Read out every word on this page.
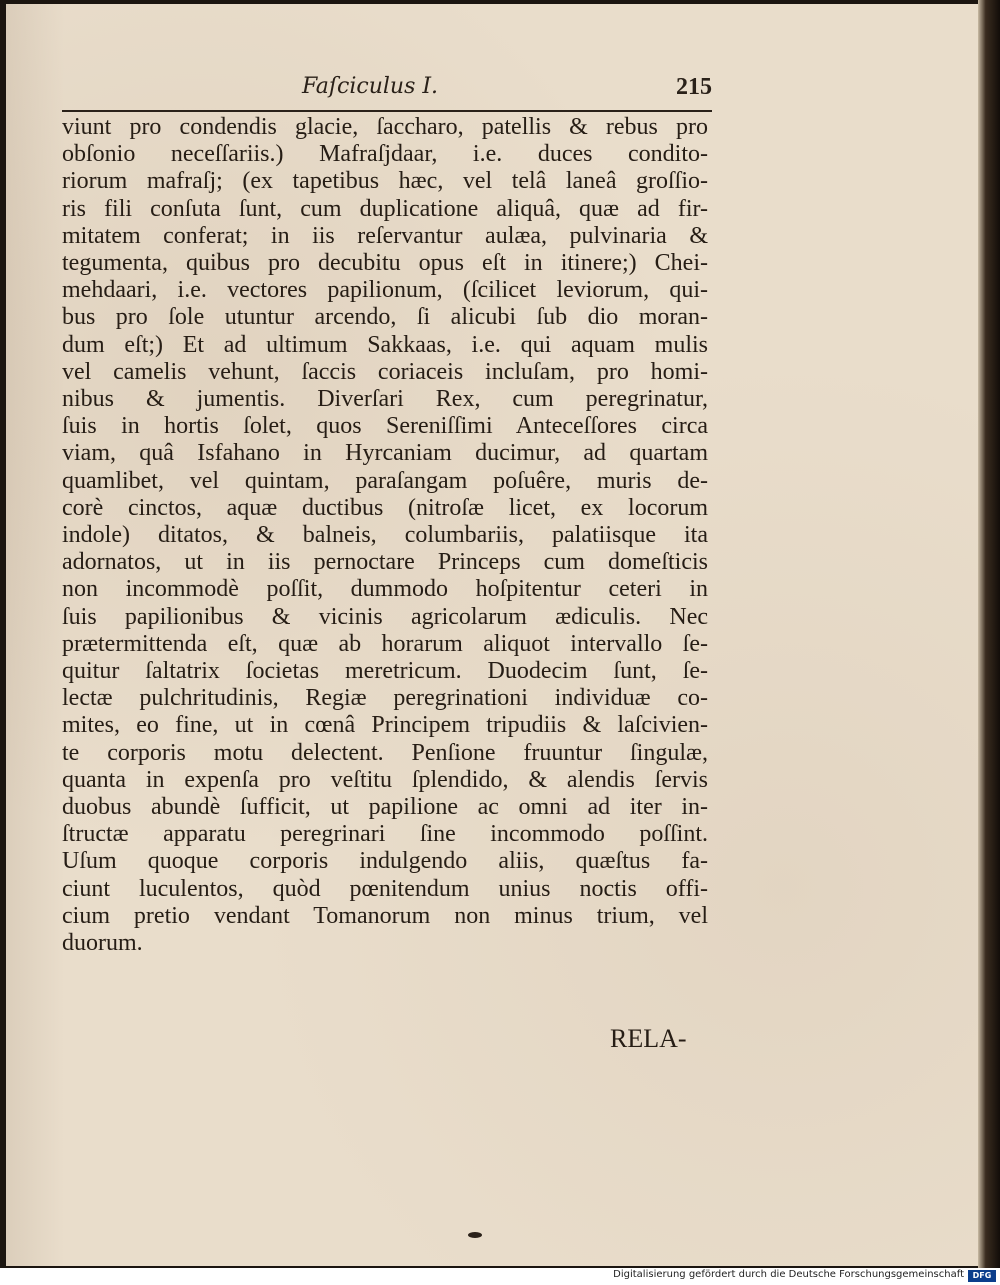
Faſciculus I.	215
viunt pro condendis glacie, ſaccharo, patellis & rebus pro
obſonio neceſſariis.) Mafraſjdaar, i.e. duces condito-
riorum mafraſj; (ex tapetibus hæc, vel telâ laneâ groſſio-
ris fili conſuta ſunt, cum duplicatione aliquâ, quæ ad fir-
mitatem conferat; in iis reſervantur aulæa, pulvinaria &
tegumenta, quibus pro decubitu opus eſt in itinere;) Chei-
mehdaari, i.e. vectores papilionum, (ſcilicet leviorum, qui-
bus pro ſole utuntur arcendo, ſi alicubi ſub dio moran-
dum eſt;) Et ad ultimum Sakkaas, i.e. qui aquam mulis
vel camelis vehunt, ſaccis coriaceis incluſam, pro homi-
nibus & jumentis. Diverſari Rex, cum peregrinatur,
ſuis in hortis ſolet, quos Sereniſſimi Anteceſſores circa
viam, quâ Isfahano in Hyrcaniam ducimur, ad quartam
quamlibet, vel quintam, paraſangam poſuêre, muris de-
corè cinctos, aquæ ductibus (nitroſæ licet, ex locorum
indole) ditatos, & balneis, columbariis, palatiisque ita
adornatos, ut in iis pernoctare Princeps cum domeſticis
non incommodè poſſit, dummodo hoſpitentur ceteri in
ſuis papilionibus & vicinis agricolarum ædiculis. Nec
prætermittenda eſt, quæ ab horarum aliquot intervallo ſe-
quitur ſaltatrix ſocietas meretricum. Duodecim ſunt, ſe-
lectæ pulchritudinis, Regiæ peregrinationi individuæ co-
mites, eo fine, ut in cœnâ Principem tripudiis & laſcivien-
te corporis motu delectent. Penſione fruuntur ſingulæ,
quanta in expenſa pro veſtitu ſplendido, & alendis ſervis
duobus abundè ſufficit, ut papilione ac omni ad iter in-
ſtructæ apparatu peregrinari ſine incommodo poſſint.
Uſum quoque corporis indulgendo aliis, quæſtus fa-
ciunt luculentos, quòd pœnitendum unius noctis offi-
cium pretio vendant Tomanorum non minus trium, vel
duorum.
RELA-
Digitalisierung gefördert durch die Deutsche Forschungsgemeinschaft	DFG
